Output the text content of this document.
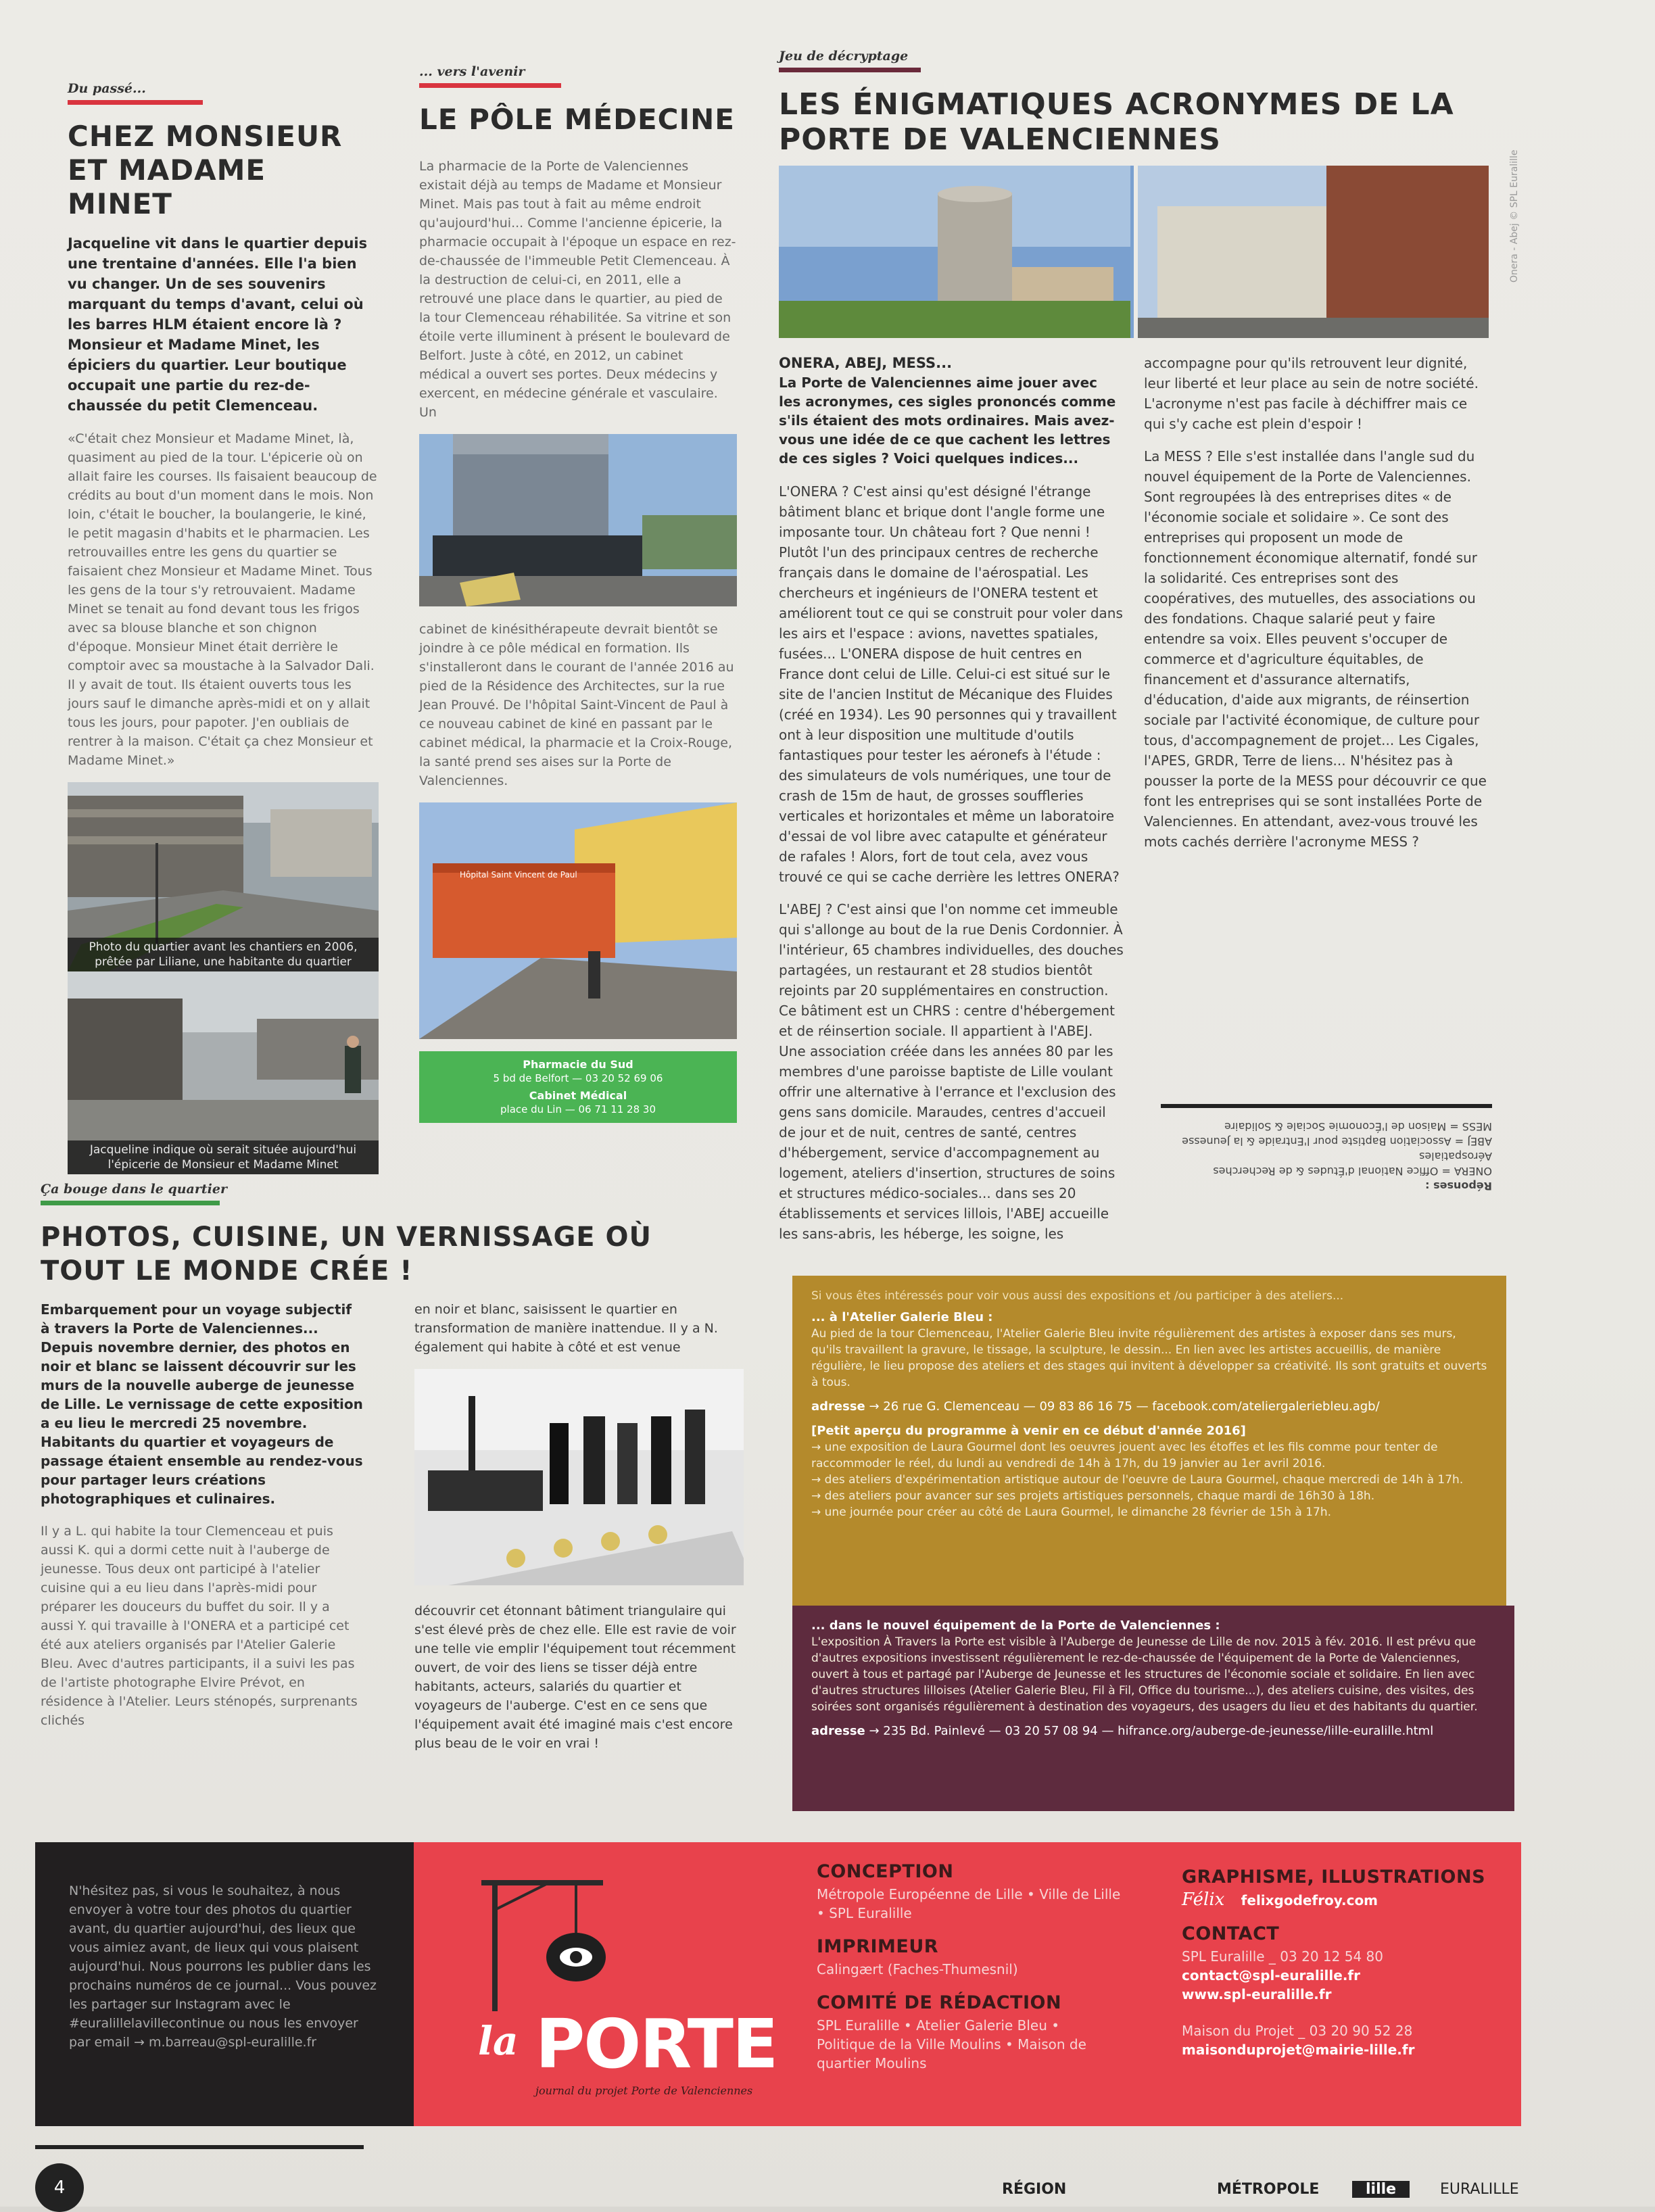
Du passé...
CHEZ MONSIEUR ET MADAME MINET

Jacqueline vit dans le quartier depuis une trentaine d'années. Elle l'a bien vu changer. Un de ses souvenirs marquant du temps d'avant, celui où les barres HLM étaient encore là ? Monsieur et Madame Minet, les épiciers du quartier. Leur boutique occupait une partie du rez-de-chaussée du petit Clemenceau.

«C'était chez Monsieur et Madame Minet, là, quasiment au pied de la tour. L'épicerie où on allait faire les courses. Ils faisaient beaucoup de crédits au bout d'un moment dans le mois. Non loin, c'était le boucher, la boulangerie, le kiné, le petit magasin d'habits et le pharmacien. Les retrouvailles entre les gens du quartier se faisaient chez Monsieur et Madame Minet. Tous les gens de la tour s'y retrouvaient. Madame Minet se tenait au fond devant tous les frigos avec sa blouse blanche et son chignon d'époque. Monsieur Minet était derrière le comptoir avec sa moustache à la Salvador Dali. Il y avait de tout. Ils étaient ouverts tous les jours sauf le dimanche après-midi et on y allait tous les jours, pour papoter. J'en oubliais de rentrer à la maison. C'était ça chez Monsieur et Madame Minet.»

Photo du quartier avant les chantiers en 2006, prêtée par Liliane, une habitante du quartier
Jacqueline indique où serait située aujourd'hui l'épicerie de Monsieur et Madame Minet
... vers l'avenir
LE PÔLE MÉDECINE

La pharmacie de la Porte de Valenciennes existait déjà au temps de Madame et Monsieur Minet. Mais pas tout à fait au même endroit qu'aujourd'hui... Comme l'ancienne épicerie, la pharmacie occupait à l'époque un espace en rez-de-chaussée de l'immeuble Petit Clemenceau. À la destruction de celui-ci, en 2011, elle a retrouvé une place dans le quartier, au pied de la tour Clemenceau réhabilitée. Sa vitrine et son étoile verte illuminent à présent le boulevard de Belfort. Juste à côté, en 2012, un cabinet médical a ouvert ses portes. Deux médecins y exercent, en médecine générale et vasculaire. Un

cabinet de kinésithérapeute devrait bientôt se joindre à ce pôle médical en formation. Ils s'installeront dans le courant de l'année 2016 au pied de la Résidence des Architectes, sur la rue Jean Prouvé. De l'hôpital Saint-Vincent de Paul à ce nouveau cabinet de kiné en passant par le cabinet médical, la pharmacie et la Croix-Rouge, la santé prend ses aises sur la Porte de Valenciennes.

Hôpital Saint Vincent de Paul
Pharmacie du Sud
5 bd de Belfort — 03 20 52 69 06
Cabinet Médical
place du Lin — 06 71 11 28 30
Jeu de décryptage
LES ÉNIGMATIQUES ACRONYMES DE LA PORTE DE VALENCIENNES
ONERA, ABEJ, MESS...

La Porte de Valenciennes aime jouer avec les acronymes, ces sigles prononcés comme s'ils étaient des mots ordinaires. Mais avez-vous une idée de ce que cachent les lettres de ces sigles ? Voici quelques indices...

L'ONERA ? C'est ainsi qu'est désigné l'étrange bâtiment blanc et brique dont l'angle forme une imposante tour. Un château fort ? Que nenni ! Plutôt l'un des principaux centres de recherche français dans le domaine de l'aérospatial. Les chercheurs et ingénieurs de l'ONERA testent et améliorent tout ce qui se construit pour voler dans les airs et l'espace : avions, navettes spatiales, fusées... L'ONERA dispose de huit centres en France dont celui de Lille. Celui-ci est situé sur le site de l'ancien Institut de Mécanique des Fluides (créé en 1934). Les 90 personnes qui y travaillent ont à leur disposition une multitude d'outils fantastiques pour tester les aéronefs à l'étude : des simulateurs de vols numériques, une tour de crash de 15m de haut, de grosses souffleries verticales et horizontales et même un laboratoire d'essai de vol libre avec catapulte et générateur de rafales ! Alors, fort de tout cela, avez vous trouvé ce qui se cache derrière les lettres ONERA?

L'ABEJ ? C'est ainsi que l'on nomme cet immeuble qui s'allonge au bout de la rue Denis Cordonnier. À l'intérieur, 65 chambres individuelles, des douches partagées, un restaurant et 28 studios bientôt rejoints par 20 supplémentaires en construction. Ce bâtiment est un CHRS : centre d'hébergement et de réinsertion sociale. Il appartient à l'ABEJ. Une association créée dans les années 80 par les membres d'une paroisse baptiste de Lille voulant offrir une alternative à l'errance et l'exclusion des gens sans domicile. Maraudes, centres d'accueil de jour et de nuit, centres de santé, centres d'hébergement, service d'accompagnement au logement, ateliers d'insertion, structures de soins et structures médico-sociales... dans ses 20 établissements et services lillois, l'ABEJ accueille les sans-abris, les héberge, les soigne, les accompagne pour qu'ils retrouvent leur dignité, leur liberté et leur place au sein de notre société. L'acronyme n'est pas facile à déchiffrer mais ce qui s'y cache est plein d'espoir !

La MESS ? Elle s'est installée dans l'angle sud du nouvel équipement de la Porte de Valenciennes. Sont regroupées là des entreprises dites « de l'économie sociale et solidaire ». Ce sont des entreprises qui proposent un mode de fonctionnement économique alternatif, fondé sur la solidarité. Ces entreprises sont des coopératives, des mutuelles, des associations ou des fondations. Chaque salarié peut y faire entendre sa voix. Elles peuvent s'occuper de commerce et d'agriculture équitables, de financement et d'assurance alternatifs, d'éducation, d'aide aux migrants, de réinsertion sociale par l'activité économique, de culture pour tous, d'accompagnement de projet... Les Cigales, l'APES, GRDR, Terre de liens... N'hésitez pas à pousser la porte de la MESS pour découvrir ce que font les entreprises qui se sont installées Porte de Valenciennes. En attendant, avez-vous trouvé les mots cachés derrière l'acronyme MESS ?

Onera - Abej © SPL Euralille
Réponses :
ONERA = Office National d'Études & de Recherches Aérospatiales
ABEJ = Association Baptiste pour l'Entraide & la Jeunesse
MESS = Maison de l'Économie Sociale & Solidaire
Ça bouge dans le quartier
PHOTOS, CUISINE, UN VERNISSAGE OÙ TOUT LE MONDE CRÉE !

Embarquement pour un voyage subjectif à travers la Porte de Valenciennes... Depuis novembre dernier, des photos en noir et blanc se laissent découvrir sur les murs de la nouvelle auberge de jeunesse de Lille. Le vernissage de cette exposition a eu lieu le mercredi 25 novembre. Habitants du quartier et voyageurs de passage étaient ensemble au rendez-vous pour partager leurs créations photographiques et culinaires.

Il y a L. qui habite la tour Clemenceau et puis aussi K. qui a dormi cette nuit à l'auberge de jeunesse. Tous deux ont participé à l'atelier cuisine qui a eu lieu dans l'après-midi pour préparer les douceurs du buffet du soir. Il y a aussi Y. qui travaille à l'ONERA et a participé cet été aux ateliers organisés par l'Atelier Galerie Bleu. Avec d'autres participants, il a suivi les pas de l'artiste photographe Elvire Prévot, en résidence à l'Atelier. Leurs sténopés, surprenants clichés

en noir et blanc, saisissent le quartier en transformation de manière inattendue. Il y a N. également qui habite à côté et est venue

découvrir cet étonnant bâtiment triangulaire qui s'est élevé près de chez elle. Elle est ravie de voir une telle vie emplir l'équipement tout récemment ouvert, de voir des liens se tisser déjà entre habitants, acteurs, salariés du quartier et voyageurs de l'auberge. C'est en ce sens que l'équipement avait été imaginé mais c'est encore plus beau de le voir en vrai !

Si vous êtes intéressés pour voir vous aussi des expositions et /ou participer à des ateliers...
... à l'Atelier Galerie Bleu :
Au pied de la tour Clemenceau, l'Atelier Galerie Bleu invite régulièrement des artistes à exposer dans ses murs, qu'ils travaillent la gravure, le tissage, la sculpture, le dessin... En lien avec les artistes accueillis, de manière régulière, le lieu propose des ateliers et des stages qui invitent à développer sa créativité. Ils sont gratuits et ouverts à tous.
adresse → 26 rue G. Clemenceau — 09 83 86 16 75 — facebook.com/ateliergaleriebleu.agb/
[Petit aperçu du programme à venir en ce début d'année 2016]
→ une exposition de Laura Gourmel dont les oeuvres jouent avec les étoffes et les fils comme pour tenter de raccommoder le réel, du lundi au vendredi de 14h à 17h, du 19 janvier au 1er avril 2016.
→ des ateliers d'expérimentation artistique autour de l'oeuvre de Laura Gourmel, chaque mercredi de 14h à 17h.
→ des ateliers pour avancer sur ses projets artistiques personnels, chaque mardi de 16h30 à 18h.
→ une journée pour créer au côté de Laura Gourmel, le dimanche 28 février de 15h à 17h.
... dans le nouvel équipement de la Porte de Valenciennes :
L'exposition À Travers la Porte est visible à l'Auberge de Jeunesse de Lille de nov. 2015 à fév. 2016. Il est prévu que d'autres expositions investissent régulièrement le rez-de-chaussée de l'équipement de la Porte de Valenciennes, ouvert à tous et partagé par l'Auberge de Jeunesse et les structures de l'économie sociale et solidaire. En lien avec d'autres structures lilloises (Atelier Galerie Bleu, Fil à Fil, Office du tourisme...), des ateliers cuisine, des visites, des soirées sont organisés régulièrement à destination des voyageurs, des usagers du lieu et des habitants du quartier.
adresse → 235 Bd. Painlevé — 03 20 57 08 94 — hifrance.org/auberge-de-jeunesse/lille-euralille.html

N'hésitez pas, si vous le souhaitez, à nous envoyer à votre tour des photos du quartier avant, du quartier aujourd'hui, des lieux que vous aimiez avant, de lieux qui vous plaisent aujourd'hui. Nous pourrons les publier dans les prochains numéros de ce journal... Vous pouvez les partager sur Instagram avec le #euralillelavillecontinue ou nous les envoyer par email → m.barreau@spl-euralille.fr	la PORTE
journal du projet Porte de Valenciennes
CONCEPTION

Métropole Européenne de Lille • Ville de Lille • SPL Euralille

IMPRIMEUR

Calingært (Faches-Thumesnil)

COMITÉ DE RÉDACTION

SPL Euralille • Atelier Galerie Bleu • Politique de la Ville Moulins • Maison de quartier Moulins

GRAPHISME, ILLUSTRATIONS

Félix felixgodefroy.com

CONTACT
SPL Euralille _ 03 20 12 54 80
contact@spl-euralille.fr
www.spl-euralille.fr
Maison du Projet _ 03 20 90 52 28
maisonduprojet@mairie-lille.fr
4	RÉGION	MÉTROPOLE	lille	EURALILLE
